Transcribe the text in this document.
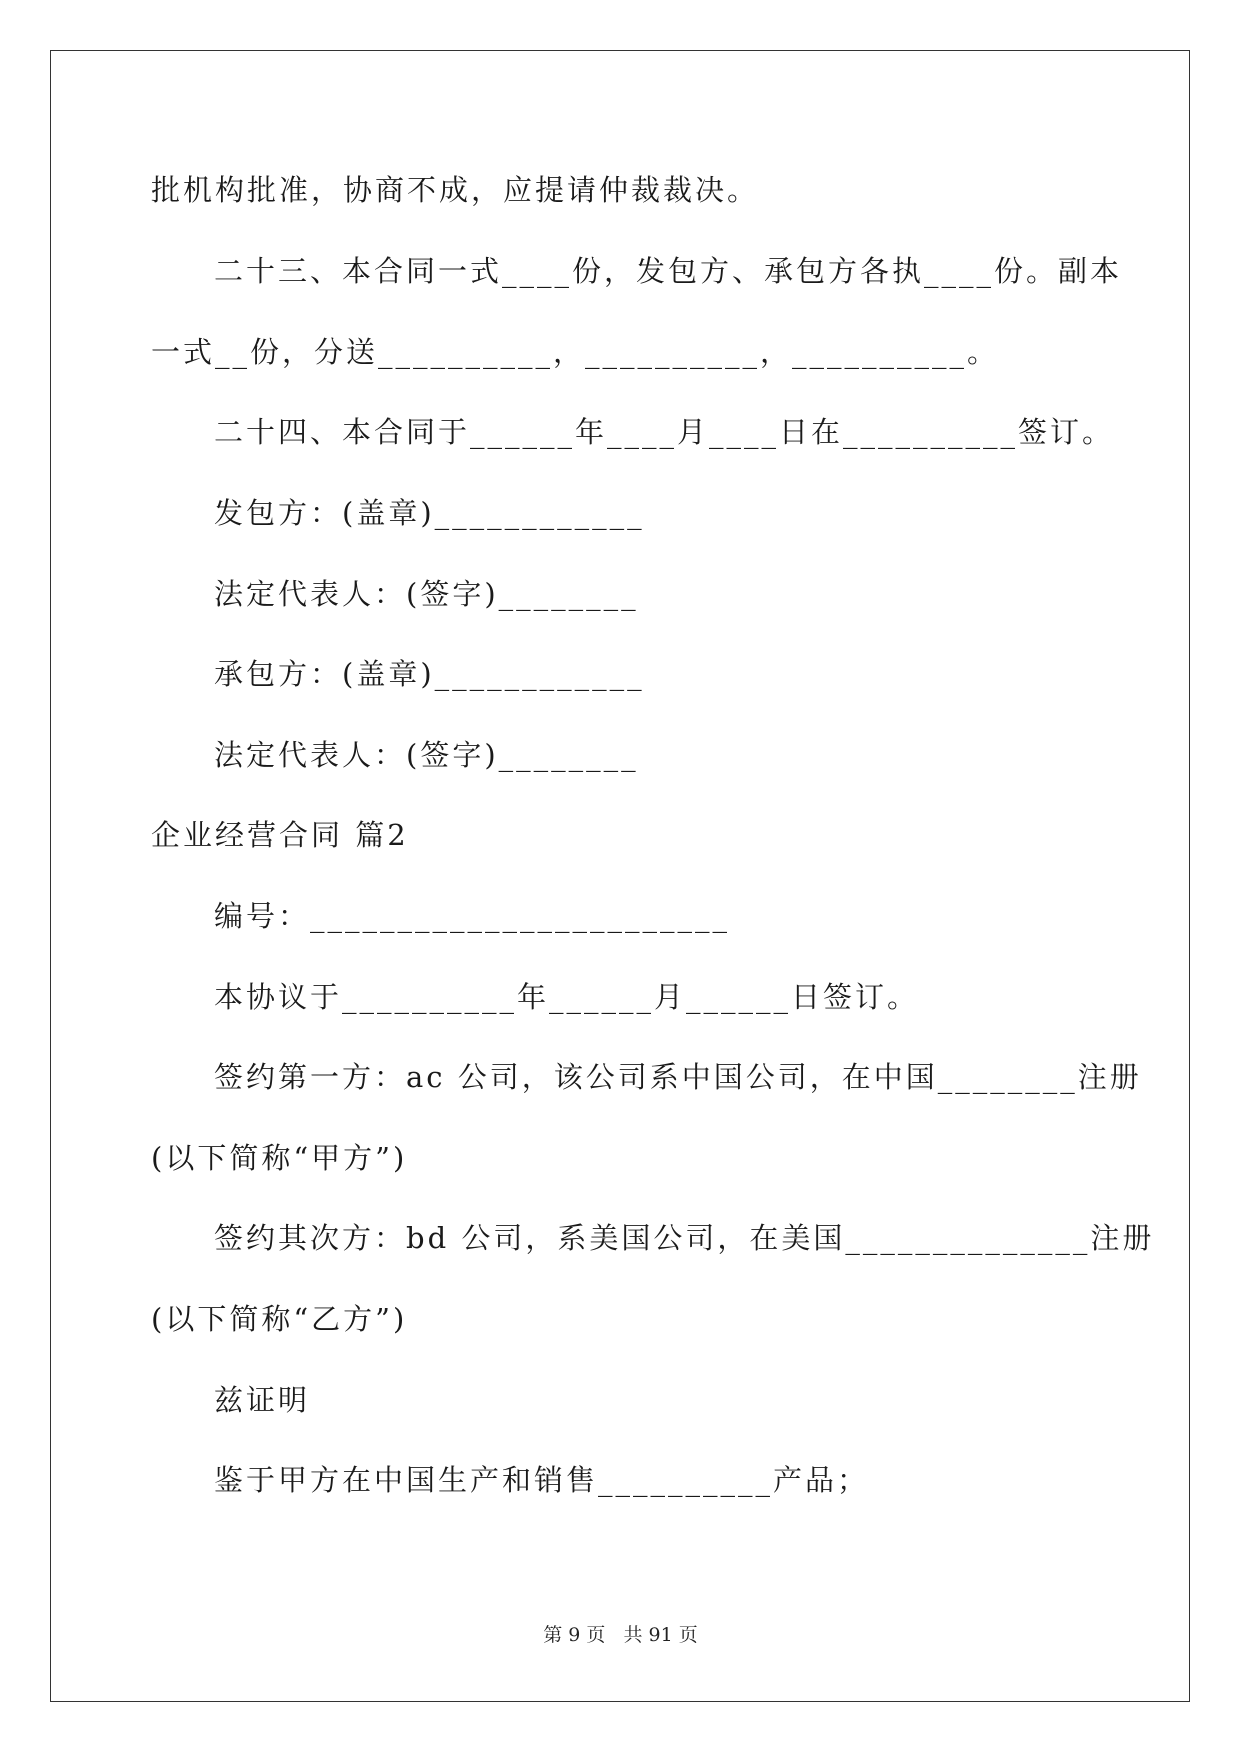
批机构批准，协商不成，应提请仲裁裁决。
二十三、本合同一式____份，发包方、承包方各执____份。副本
一式__份，分送__________，__________，__________。
二十四、本合同于______年____月____日在__________签订。
发包方：(盖章)____________
法定代表人：(签字)________
承包方：(盖章)____________
法定代表人：(签字)________
企业经营合同 篇2
编号：________________________
本协议于__________年______月______日签订。
签约第一方：ac 公司，该公司系中国公司，在中国________注册
(以下简称“甲方”)
签约其次方：bd 公司，系美国公司，在美国______________注册
(以下简称“乙方”)
兹证明
鉴于甲方在中国生产和销售__________产品；
第 9 页   共 91 页
